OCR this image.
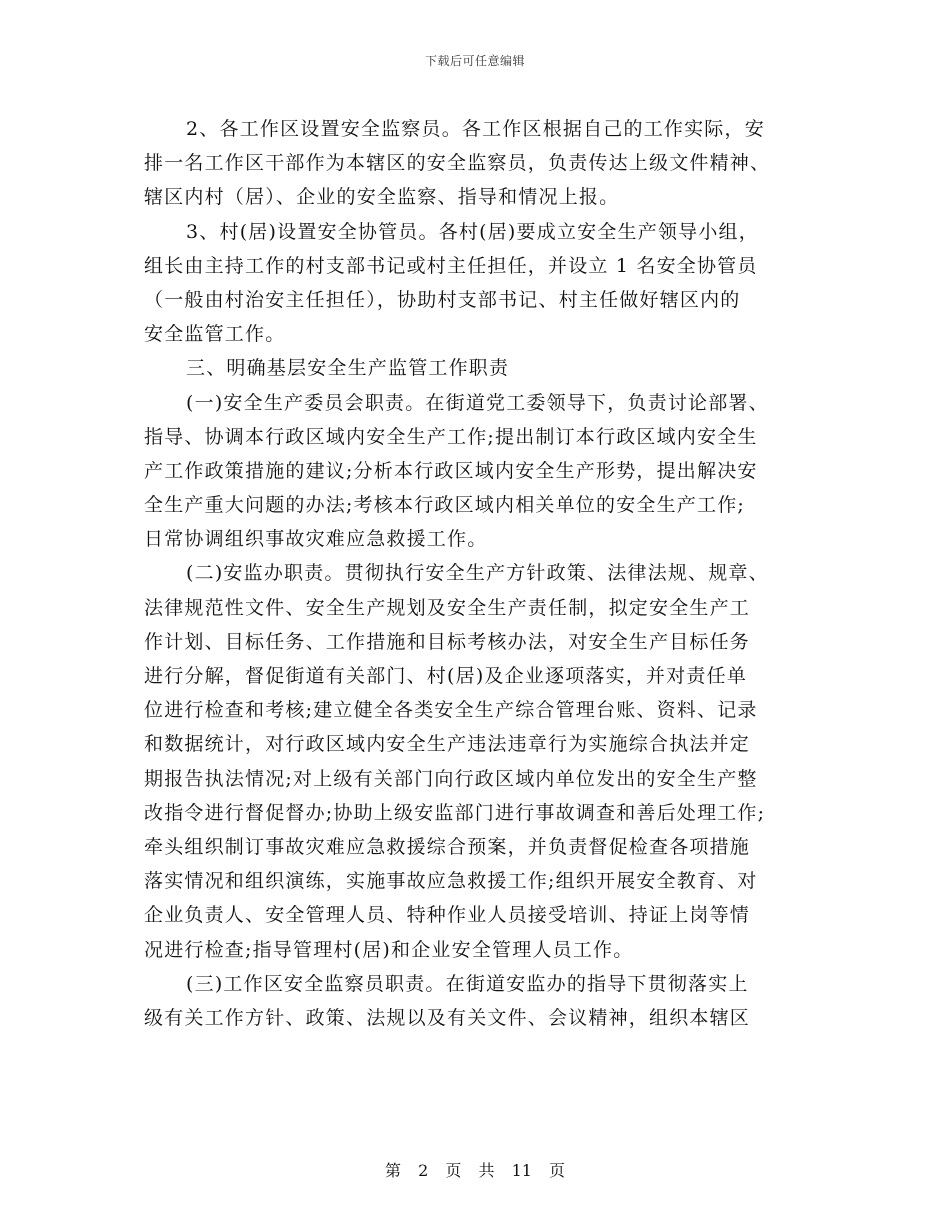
下载后可任意编辑
2、各工作区设置安全监察员。各工作区根据自己的工作实际，安
排一名工作区干部作为本辖区的安全监察员，负责传达上级文件精神、
辖区内村（居）、企业的安全监察、指导和情况上报。
3、村(居)设置安全协管员。各村(居)要成立安全生产领导小组，
组长由主持工作的村支部书记或村主任担任，并设立 1 名安全协管员
（一般由村治安主任担任），协助村支部书记、村主任做好辖区内的
安全监管工作。
三、明确基层安全生产监管工作职责
(一)安全生产委员会职责。在街道党工委领导下，负责讨论部署、
指导、协调本行政区域内安全生产工作;提出制订本行政区域内安全生
产工作政策措施的建议;分析本行政区域内安全生产形势，提出解决安
全生产重大问题的办法;考核本行政区域内相关单位的安全生产工作;
日常协调组织事故灾难应急救援工作。
(二)安监办职责。贯彻执行安全生产方针政策、法律法规、规章、
法律规范性文件、安全生产规划及安全生产责任制，拟定安全生产工
作计划、目标任务、工作措施和目标考核办法，对安全生产目标任务
进行分解，督促街道有关部门、村(居)及企业逐项落实，并对责任单
位进行检查和考核;建立健全各类安全生产综合管理台账、资料、记录
和数据统计，对行政区域内安全生产违法违章行为实施综合执法并定
期报告执法情况;对上级有关部门向行政区域内单位发出的安全生产整
改指令进行督促督办;协助上级安监部门进行事故调查和善后处理工作;
牵头组织制订事故灾难应急救援综合预案，并负责督促检查各项措施
落实情况和组织演练，实施事故应急救援工作;组织开展安全教育、对
企业负责人、安全管理人员、特种作业人员接受培训、持证上岗等情
况进行检查;指导管理村(居)和企业安全管理人员工作。
(三)工作区安全监察员职责。在街道安监办的指导下贯彻落实上
级有关工作方针、政策、法规以及有关文件、会议精神，组织本辖区
第 2 页 共 11 页
